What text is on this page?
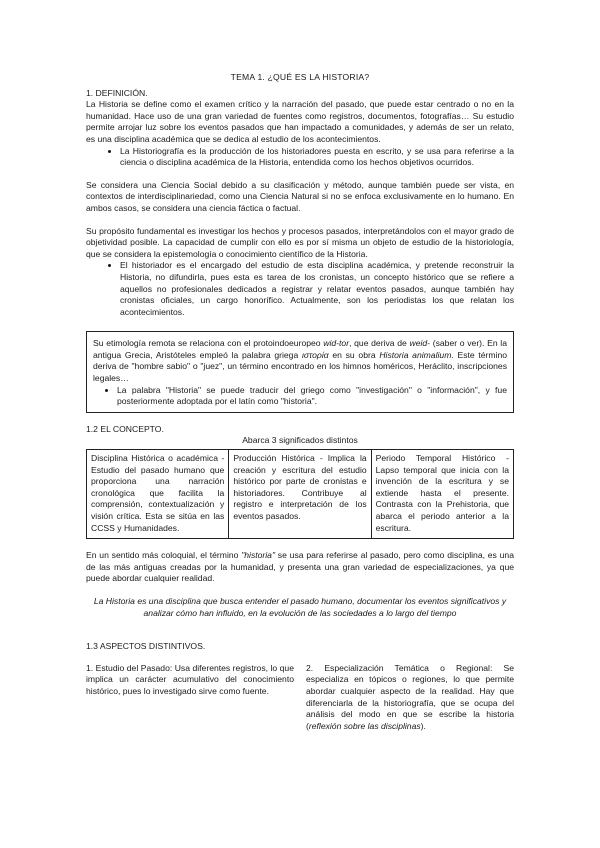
TEMA 1. ¿QUÉ ES LA HISTORIA?

1. DEFINICIÓN.

La Historia se define como el examen crítico y la narración del pasado, que puede estar centrado o no en la humanidad. Hace uso de una gran variedad de fuentes como registros, documentos, fotografías… Su estudio permite arrojar luz sobre los eventos pasados que han impactado a comunidades, y además de ser un relato, es una disciplina académica que se dedica al estudio de los acontecimientos.

• La Historiografía es la producción de los historiadores puesta en escrito, y se usa para referirse a la ciencia o disciplina académica de la Historia, entendida como los hechos objetivos ocurridos.

Se considera una Ciencia Social debido a su clasificación y método, aunque también puede ser vista, en contextos de interdisciplinariedad, como una Ciencia Natural si no se enfoca exclusivamente en lo humano. En ambos casos, se considera una ciencia fáctica o factual.

Su propósito fundamental es investigar los hechos y procesos pasados, interpretándolos con el mayor grado de objetividad posible. La capacidad de cumplir con ello es por sí misma un objeto de estudio de la historiología, que se considera la epistemología o conocimiento científico de la Historia.

• El historiador es el encargado del estudio de esta disciplina académica, y pretende reconstruir la Historia, no difundirla, pues esta es tarea de los cronistas, un concepto histórico que se refiere a aquellos no profesionales dedicados a registrar y relatar eventos pasados, aunque también hay cronistas oficiales, un cargo honorífico. Actualmente, son los periodistas los que relatan los acontecimientos.

Su etimología remota se relaciona con el protoindoeuropeo wid-tor, que deriva de weid- (saber o ver). En la antigua Grecia, Aristóteles empleó la palabra griega ιστορία en su obra Historia animalium. Este término deriva de "hombre sabio" o "juez", un término encontrado en los himnos homéricos, Heráclito, inscripciones legales…

• La palabra "Historia" se puede traducir del griego como "investigación" o "información", y fue posteriormente adoptada por el latín como "historia".

1.2 EL CONCEPTO.

Abarca 3 significados distintos

Disciplina Histórica o académica - Estudio del pasado humano que proporciona una narración cronológica que facilita la comprensión, contextualización y visión crítica. Esta se sitúa en las CCSS y Humanidades.	Producción Histórica - Implica la creación y escritura del estudio histórico por parte de cronistas e historiadores. Contribuye al registro e interpretación de los eventos pasados.	Periodo Temporal Histórico - Lapso temporal que inicia con la invención de la escritura y se extiende hasta el presente. Contrasta con la Prehistoria, que abarca el periodo anterior a la escritura.

En un sentido más coloquial, el término "historia" se usa para referirse al pasado, pero como disciplina, es una de las más antiguas creadas por la humanidad, y presenta una gran variedad de especializaciones, ya que puede abordar cualquier realidad.

La Historia es una disciplina que busca entender el pasado humano, documentar los eventos significativos y analizar cómo han influido, en la evolución de las sociedades a lo largo del tiempo

1.3 ASPECTOS DISTINTIVOS.

1. Estudio del Pasado: Usa diferentes registros, lo que implica un carácter acumulativo del conocimiento histórico, pues lo investigado sirve como fuente.
2. Especialización Temática o Regional: Se especializa en tópicos o regiones, lo que permite abordar cualquier aspecto de la realidad. Hay que diferenciarla de la historiografía, que se ocupa del análisis del modo en que se escribe la historia (reflexión sobre las disciplinas).
